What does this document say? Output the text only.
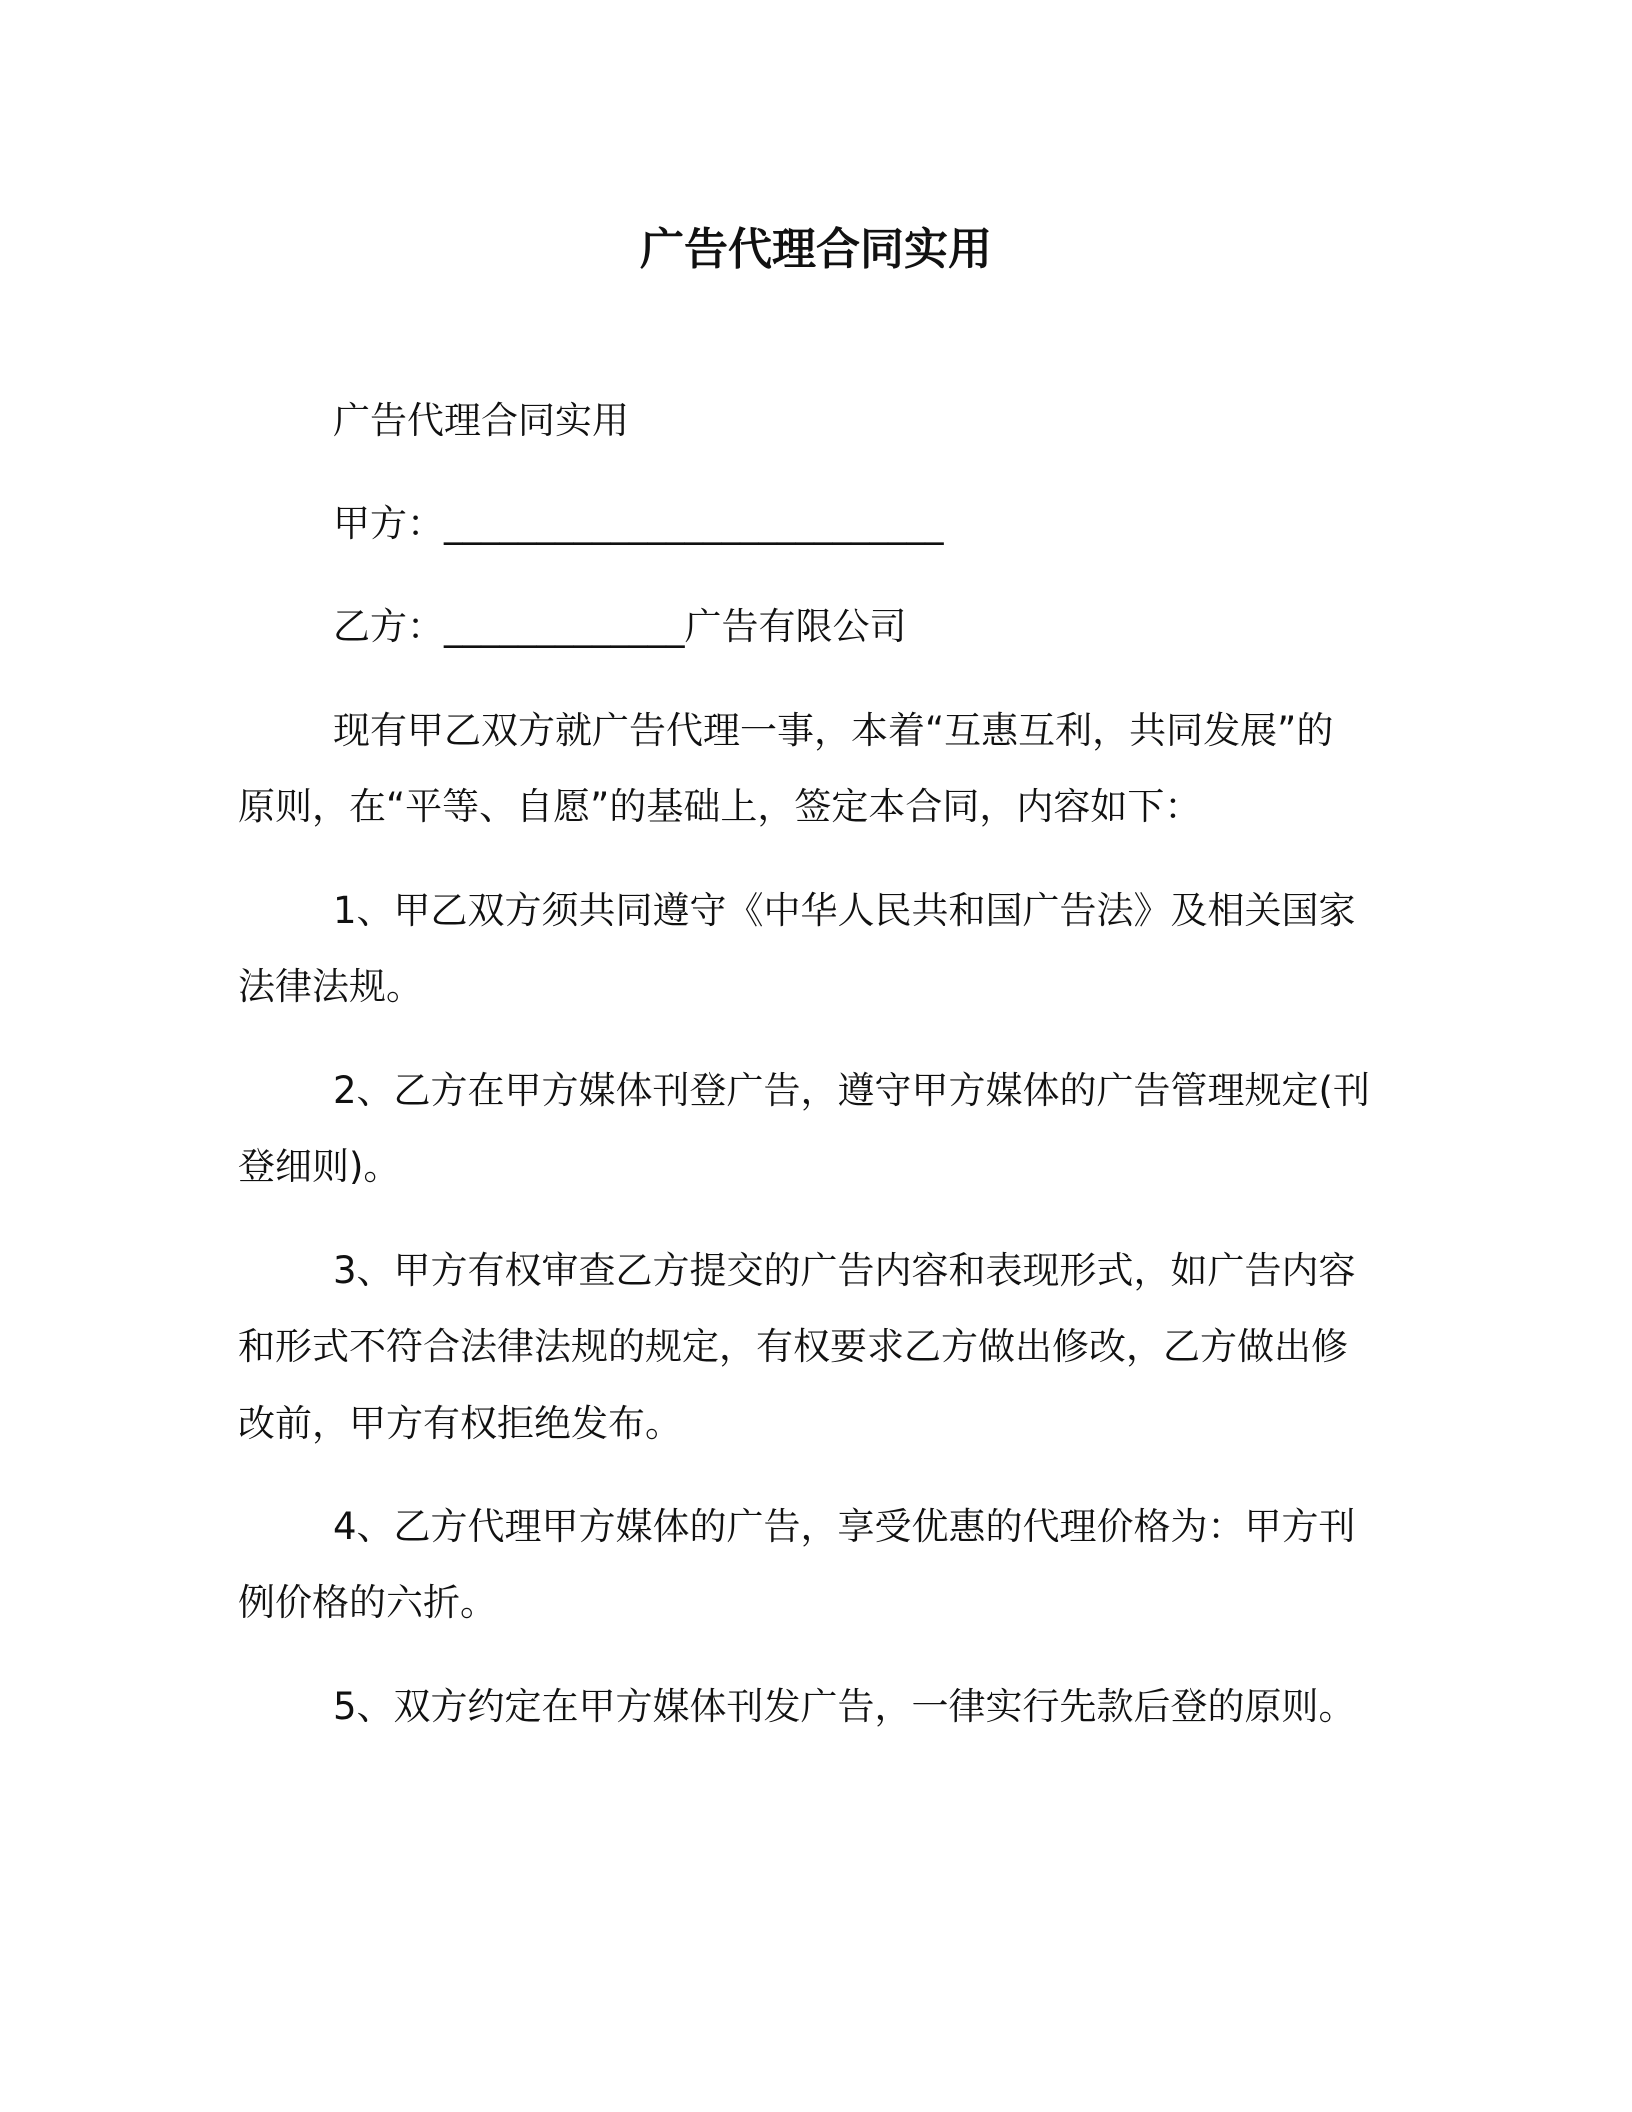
广告代理合同实用
广告代理合同实用
甲方：___________________________
乙方：_____________广告有限公司
现有甲乙双方就广告代理一事，本着“互惠互利，共同发展”的
原则，在“平等、自愿”的基础上，签定本合同，内容如下：
1、甲乙双方须共同遵守《中华人民共和国广告法》及相关国家
法律法规。
2、乙方在甲方媒体刊登广告，遵守甲方媒体的广告管理规定(刊
登细则)。
3、甲方有权审查乙方提交的广告内容和表现形式，如广告内容
和形式不符合法律法规的规定，有权要求乙方做出修改，乙方做出修
改前，甲方有权拒绝发布。
4、乙方代理甲方媒体的广告，享受优惠的代理价格为：甲方刊
例价格的六折。
5、双方约定在甲方媒体刊发广告，一律实行先款后登的原则。
